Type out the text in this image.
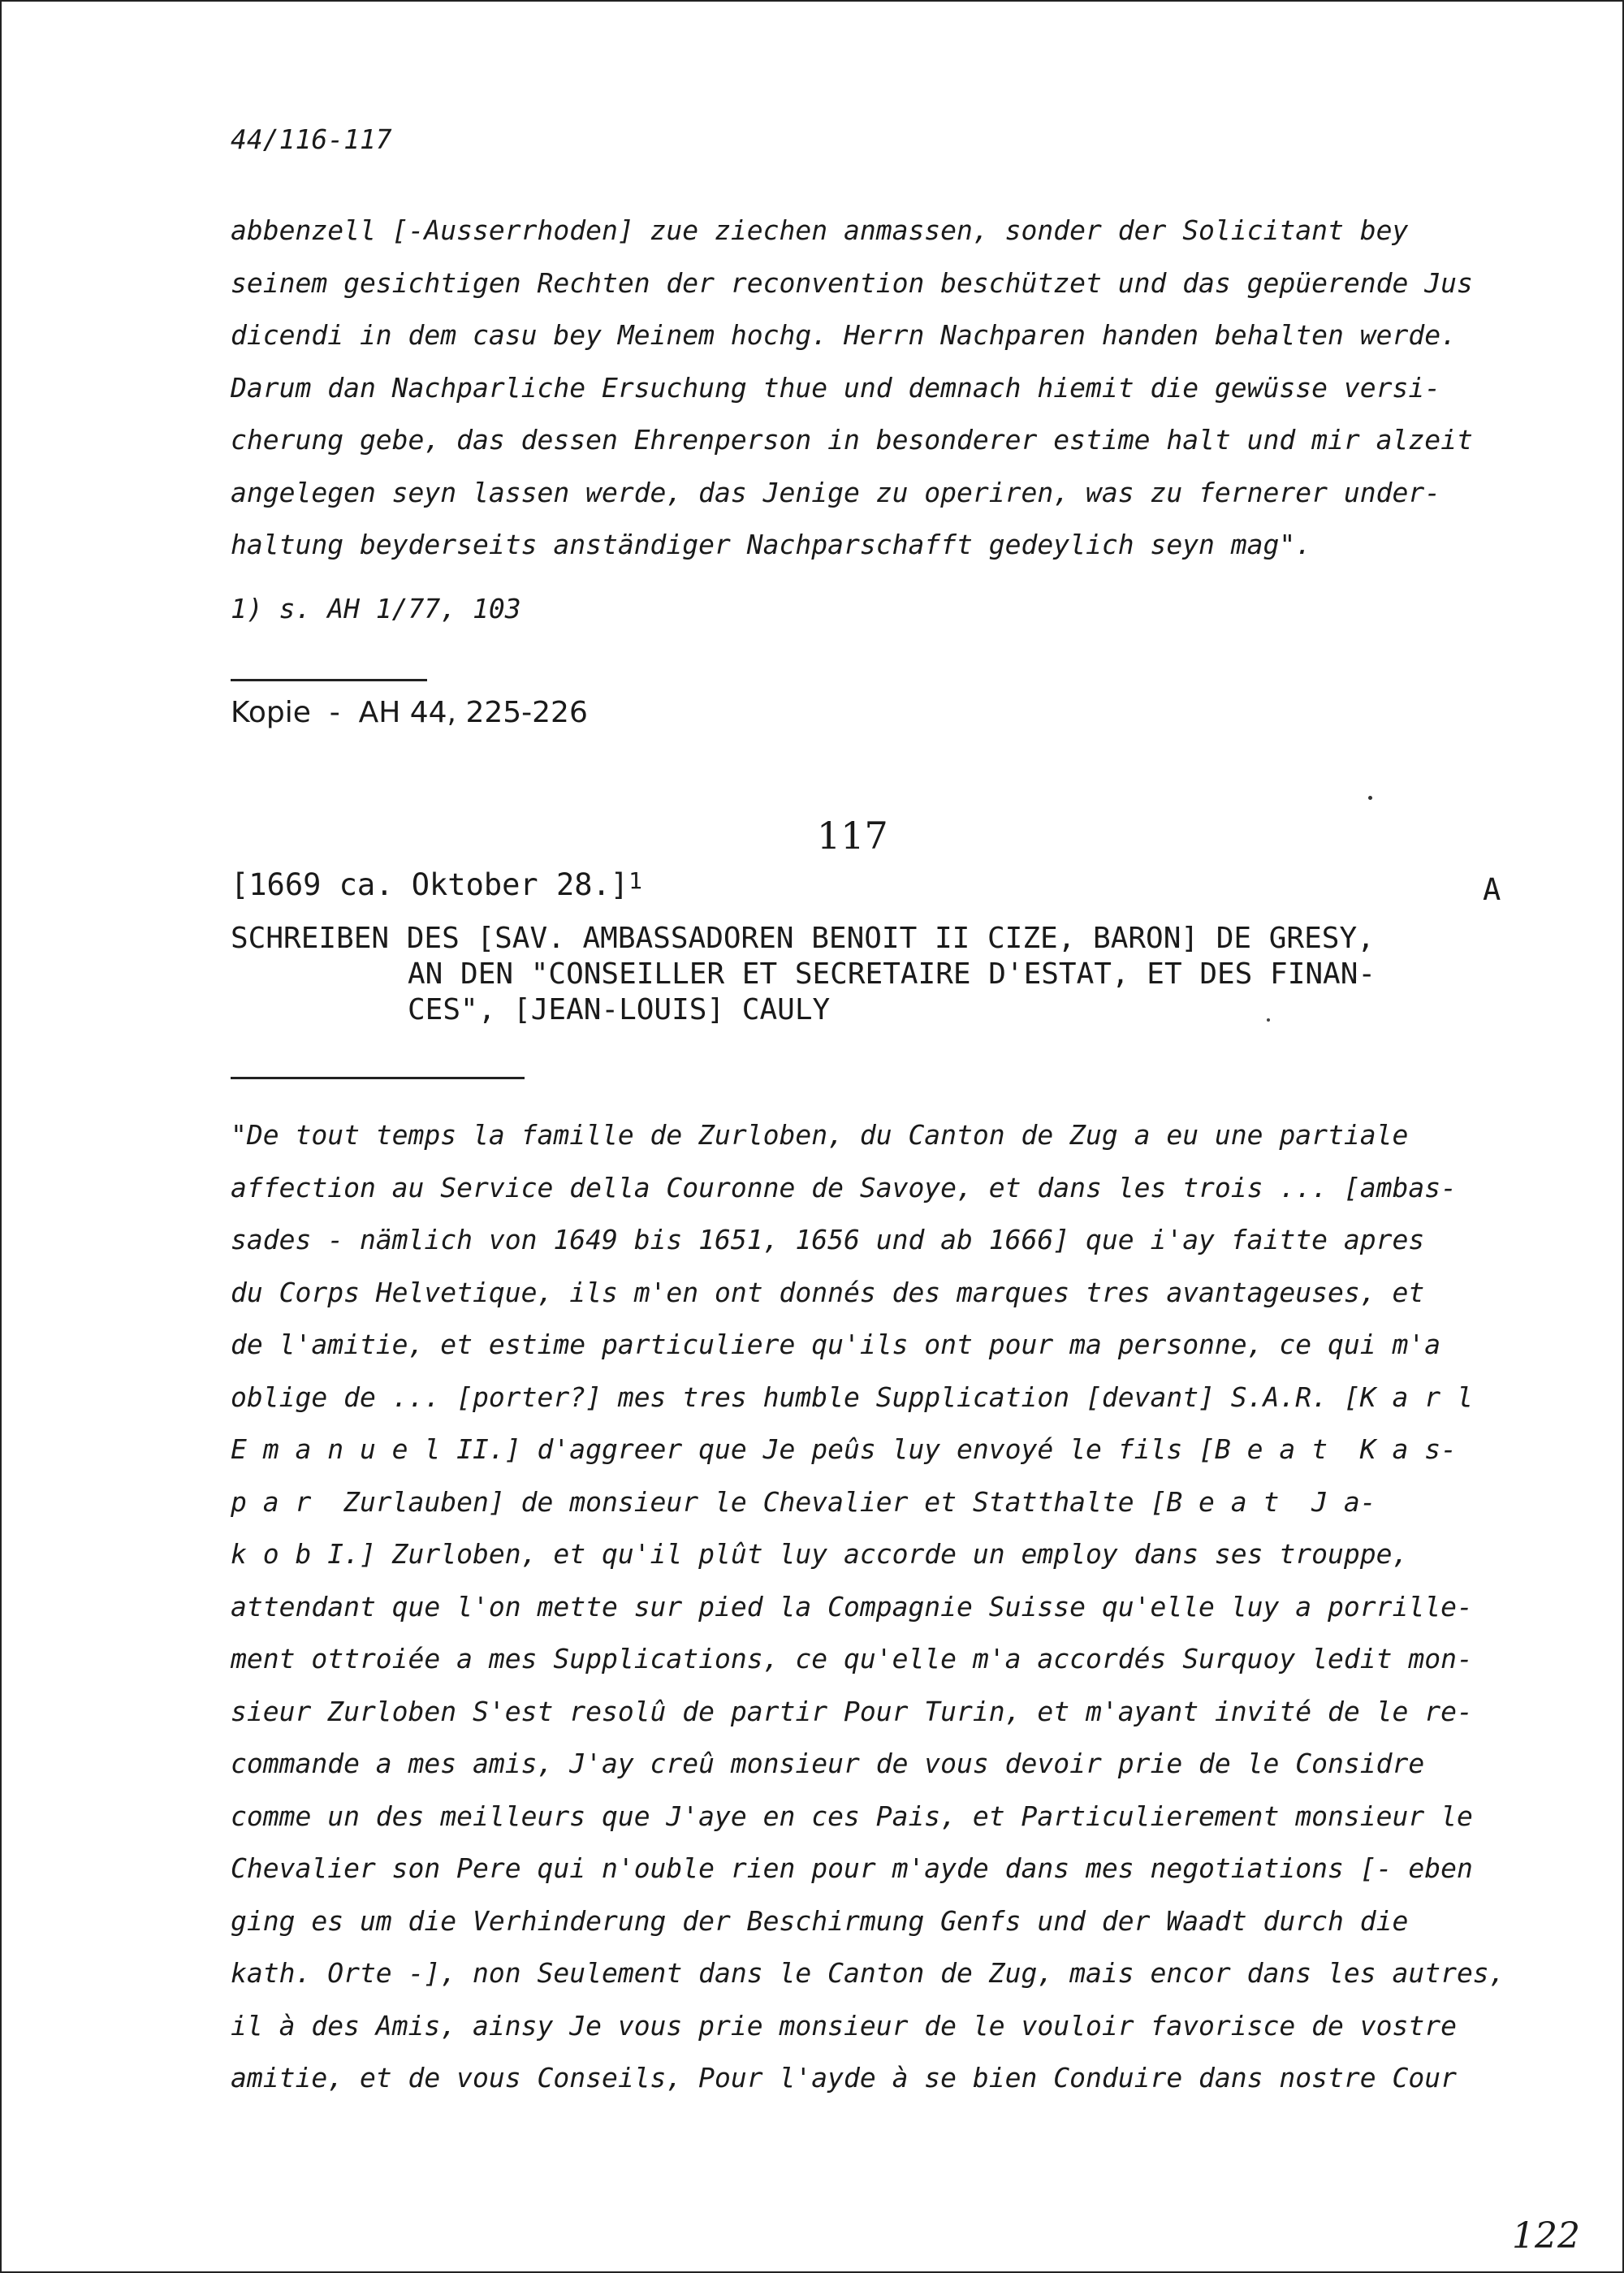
44/116-117
abbenzell [-Ausserrhoden] zue ziechen anmassen, sonder der Solicitant bey
seinem gesichtigen Rechten der reconvention beschützet und das gepüerende Jus
dicendi in dem casu bey Meinem hochg. Herrn Nachparen handen behalten werde.
Darum dan Nachparliche Ersuchung thue und demnach hiemit die gewüsse versi-
cherung gebe, das dessen Ehrenperson in besonderer estime halt und mir alzeit
angelegen seyn lassen werde, das Jenige zu operiren, was zu fernerer under-
haltung beyderseits anständiger Nachparschafft gedeylich seyn mag".
1) s. AH 1/77, 103
Kopie  -  AH 44, 225-226
117
[1669 ca. Oktober 28.]$^1$	A
SCHREIBEN DES [SAV. AMBASSADOREN BENOIT II CIZE, BARON] DE GRESY,
AN DEN "CONSEILLER ET SECRETAIRE D'ESTAT, ET DES FINAN-
CES", [JEAN-LOUIS] CAULY
"De tout temps la famille de Zurloben, du Canton de Zug a eu une partiale
affection au Service della Couronne de Savoye, et dans les trois ... [ambas-
sades - nämlich von 1649 bis 1651, 1656 und ab 1666] que i'ay faitte apres
du Corps Helvetique, ils m'en ont donnés des marques tres avantageuses, et
de l'amitie, et estime particuliere qu'ils ont pour ma personne, ce qui m'a
oblige de ... [porter?] mes tres humble Supplication [devant] S.A.R. [K a r l
E m a n u e l II.] d'aggreer que Je peûs luy envoyé le fils [B e a t  K a s-
p a r  Zurlauben] de monsieur le Chevalier et Statthalte [B e a t  J a-
k o b I.] Zurloben, et qu'il plût luy accorde un employ dans ses trouppe,
attendant que l'on mette sur pied la Compagnie Suisse qu'elle luy a porrille-
ment ottroiée a mes Supplications, ce qu'elle m'a accordés Surquoy ledit mon-
sieur Zurloben S'est resolû de partir Pour Turin, et m'ayant invité de le re-
commande a mes amis, J'ay creû monsieur de vous devoir prie de le Considre
comme un des meilleurs que J'aye en ces Pais, et Particulierement monsieur le
Chevalier son Pere qui n'ouble rien pour m'ayde dans mes negotiations [- eben
ging es um die Verhinderung der Beschirmung Genfs und der Waadt durch die
kath. Orte -], non Seulement dans le Canton de Zug, mais encor dans les autres,
il à des Amis, ainsy Je vous prie monsieur de le vouloir favorisce de vostre
amitie, et de vous Conseils, Pour l'ayde à se bien Conduire dans nostre Cour
122
